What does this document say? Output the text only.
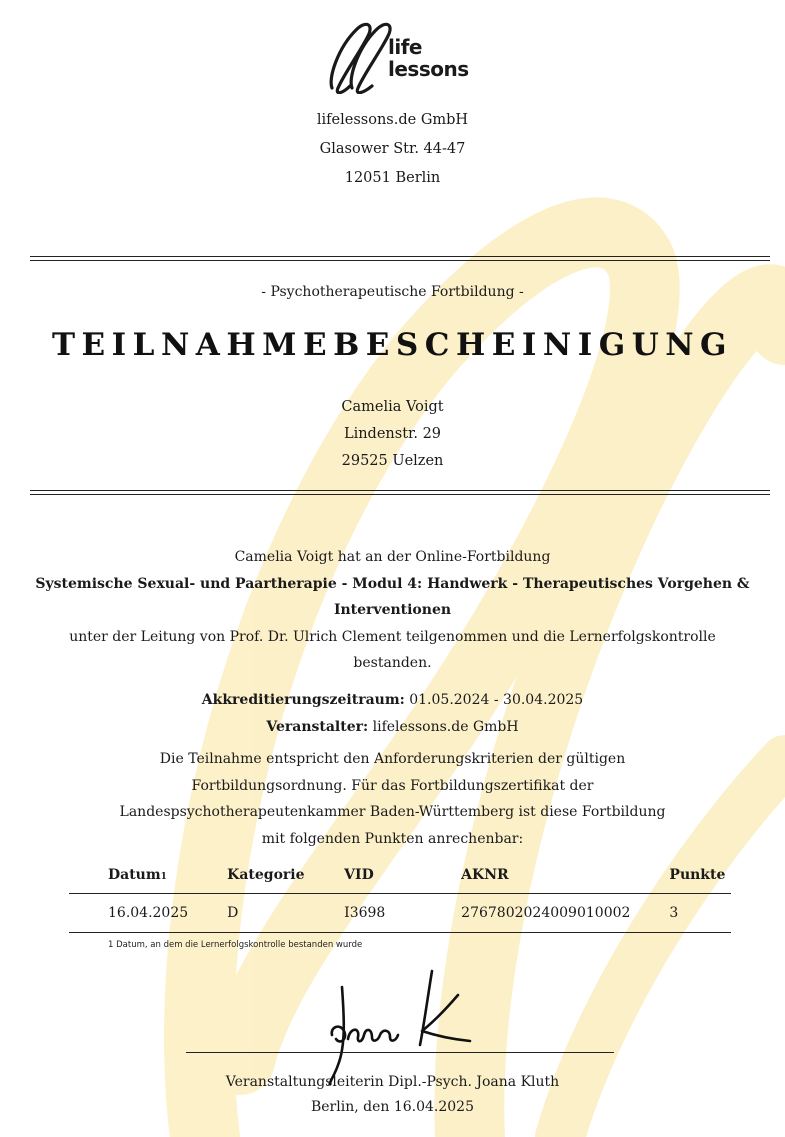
life
lessons
lifelessons.de GmbH
Glasower Str. 44-47
12051 Berlin
- Psychotherapeutische Fortbildung -
TEILNAHMEBESCHEINIGUNG
Camelia Voigt
Lindenstr. 29
29525 Uelzen
Camelia Voigt hat an der Online-Fortbildung
Systemische Sexual- und Paartherapie - Modul 4: Handwerk - Therapeutisches Vorgehen &
Interventionen
unter der Leitung von Prof. Dr. Ulrich Clement teilgenommen und die Lernerfolgskontrolle
bestanden.
Akkreditierungszeitraum: 01.05.2024 - 30.04.2025
Veranstalter: lifelessons.de GmbH
Die Teilnahme entspricht den Anforderungskriterien der gültigen
Fortbildungsordnung. Für das Fortbildungszertifikat der
Landespsychotherapeutenkammer Baden-Württemberg ist diese Fortbildung
mit folgenden Punkten anrechenbar:
Datum1	Kategorie	VID	AKNR	Punkte
16.04.2025	D	I3698	2767802024009010002	3
1 Datum, an dem die Lernerfolgskontrolle bestanden wurde
Veranstaltungsleiterin Dipl.-Psych. Joana Kluth
Berlin, den 16.04.2025
